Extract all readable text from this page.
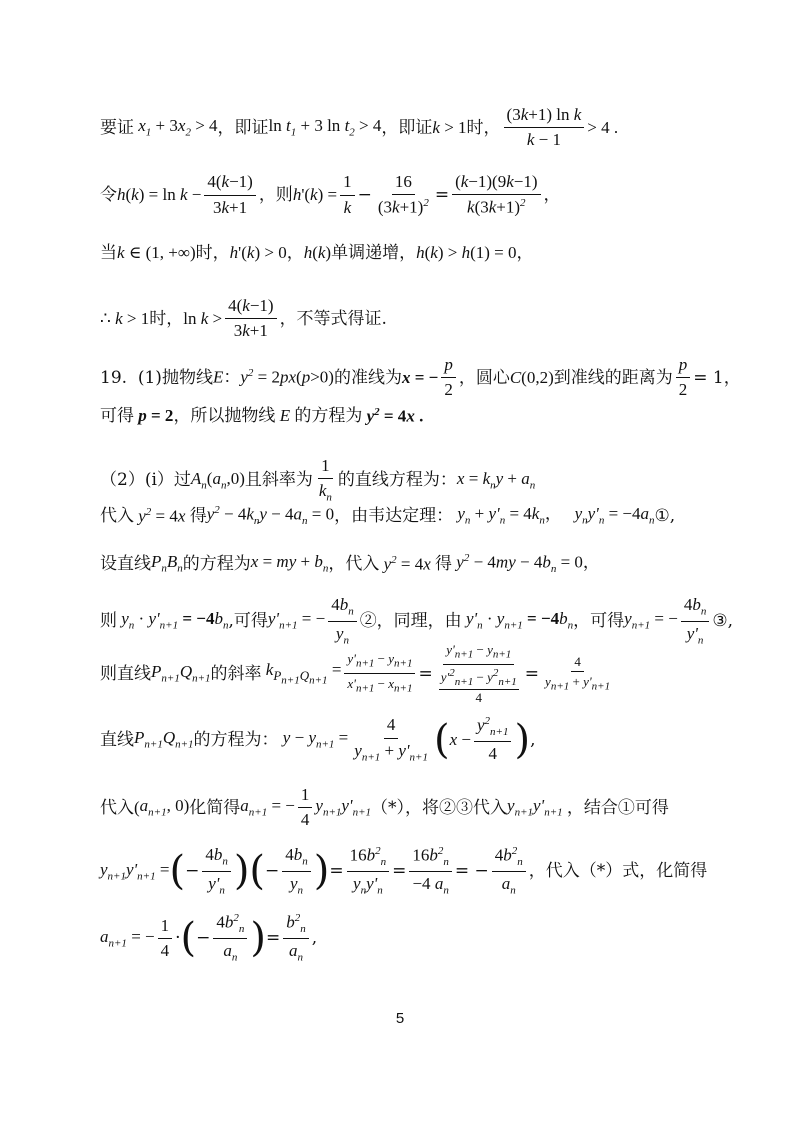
要证 $x_1 + 3x_2 > 4$ ，即证 $\ln t_1 + 3$ $\ln t_2 > 4$ ，即证 k > 1 时， $\frac{\text{(3k+1) ln k}}{k - 1} > 4$ .
令 $h(k) = \ln k - \frac{4(k-1)}{3k+1}$ ，则 $h'(k) = \frac{1}{k} - \frac{16}{(3k+1)^2} = \frac{(k-1)(9k-1)}{k(3k+1)^2}$ ，
当 k ∈ (1, +∞) 时， h'(k) > 0 ， h(k) 单调递增， h(k) > h(1) = 0 ，
∴ k > 1 时， $\ln k > \frac{4(k-1)}{3k+1}$ ，不等式得证.
19.
(1)抛物线 E：$y^2 = 2px(p>0)$ 的准线为 x = − $\frac{p}{2}$ ，圆心 C(0,2) 到准线的距离为 $\frac{p}{2} = 1$，
可得 p = 2 ，所以抛物线 E 的方程为 $y^2 = 4x$ .
（2）(i）过 $A_n(a_n,0)$ 且斜率为 $\frac{1}{k_n}$ 的直线方程为： $x = k_ny + a_n$
代入 $y^2 = 4x$ 得 $y^2 - 4k_ny - 4a_n = 0$ ，由韦达定理： $y_n + y'_n = 4k_n$，   $y_ny'_n = -4a_n$ ① ,
设直线 $P_nB_n$ 的方程为 x = my + $b_n$ ，代入 $y^2 = 4x$ 得 $y^2 - 4my - 4b_n = 0$，
则 $y_n \cdot y'_{n+1} = -4b_n$ ,可得 $y'_{n+1}$ = − $\frac{4b_n}{y_n}$ ②，同理，由 $y'_n \cdot y_{n+1} = -4b_n$ ，可得 $y_{n+1}$ = − $\frac{4b_n}{y'_n}$ ③ ,
则直线 $P_{n+1}Q_{n+1}$ 的斜率 $k_{P_{n+1}Q_{n+1}} = \frac{y'_{n+1} - y_{n+1}}{x'_{n+1} - x_{n+1}} = y'_{n+1} - y_{n+1}$
$y'^2_{n+1} - y^2_{n+1}$
$4 = \frac{4}{y_{n+1} + y'_{n+1}}$
直线 $P_{n+1}Q_{n+1}$ 的方程为： $y - y_{n+1} = \frac{4}{y_{n+1} + y'_{n+1}}$ ( $x - \frac{y^2_{n+1}}{4}$ ) ,
代入 ( $a_{n+1}$, 0) 化简得 $a_{n+1}$ = − $\frac{1}{4} y_{n+1}y'_{n+1}$ （*），将②③代入 $y_{n+1}y'_{n+1}$ ，结合①可得
$y_{n+1}y'_{n+1}$ = ( − $\frac{4b_n}{y'_n}$ ) ( − $\frac{4b_n}{y_n}$ ) = $\frac{16b^2_n}{y_ny'_n} = \frac{16b^2_n}{-4 a_n}$ = − $\frac{4b^2_n}{a_n}$ ，代入（*）式，化简得
$a_{n+1}$ = − $\frac{1}{4}$ · ( − $\frac{4b^2_n}{a_n}$ ) = $\frac{b^2_n}{a_n}$ ,
5
